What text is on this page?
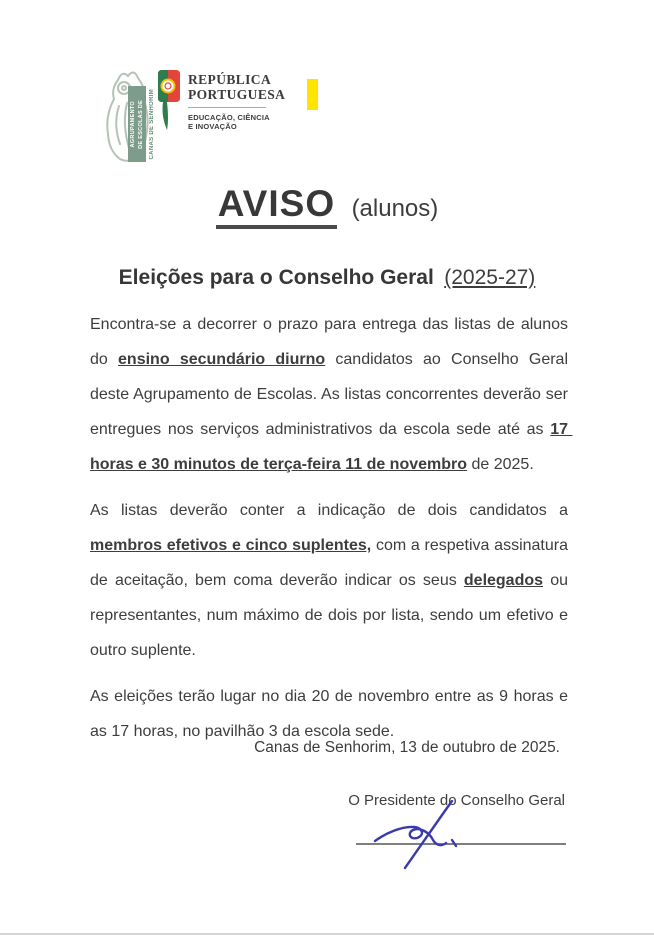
AGRUPAMENTO DE ESCOLAS DE CANAS DE SENHORIM
REPÚBLICA
PORTUGUESA
EDUCAÇÃO, CIÊNCIA
E INOVAÇÃO
AVISO (alunos)
Eleições para o Conselho Geral (2025-27)

Encontra-se a decorrer o prazo para entrega das listas de alunos do ensino secundário diurno candidatos ao Conselho Geral deste Agrupamento de Escolas. As listas concorrentes deverão ser entregues nos serviços administrativos da escola sede até as 17 horas e 30 minutos de terça-feira 11 de novembro de 2025.

As listas deverão conter a indicação de dois candidatos a membros efetivos e cinco suplentes, com a respetiva assinatura de aceitação, bem coma deverão indicar os seus delegados ou representantes, num máximo de dois por lista, sendo um efetivo e outro suplente.

As eleições terão lugar no dia 20 de novembro entre as 9 horas e as 17 horas, no pavilhão 3 da escola sede.

Canas de Senhorim, 13 de outubro de 2025.
O Presidente do Conselho Geral
